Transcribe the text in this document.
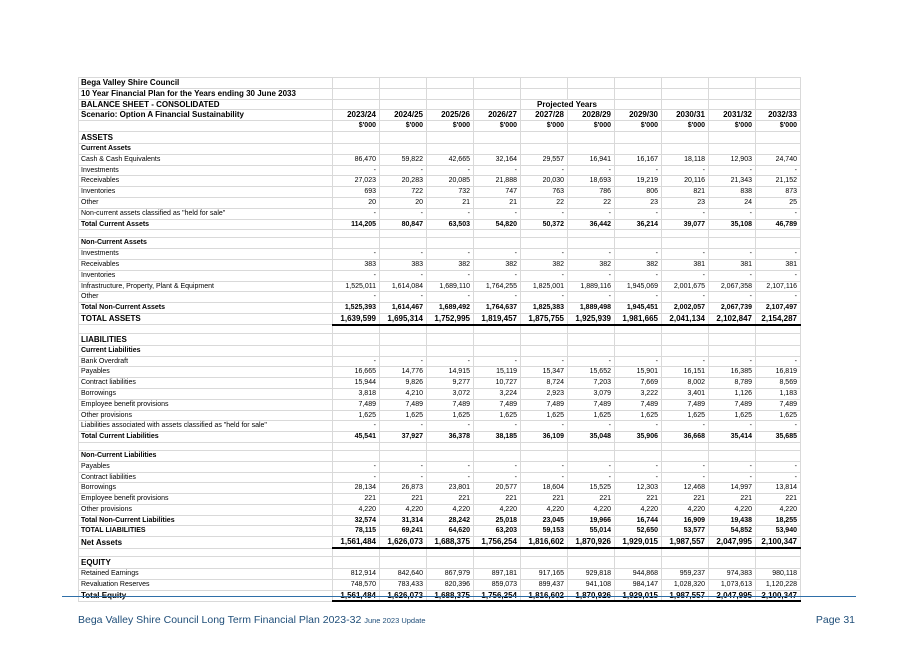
Bega Valley Shire Council										
10 Year Financial Plan for the Years ending 30 June 2033										
BALANCE SHEET - CONSOLIDATED					Projected Years					
Scenario: Option A Financial Sustainability	2023/24	2024/25	2025/26	2026/27	2027/28	2028/29	2029/30	2030/31	2031/32	2032/33
	$'000	$'000	$'000	$'000	$'000	$'000	$'000	$'000	$'000	$'000
ASSETS										
Current Assets										
Cash & Cash Equivalents	86,470	59,822	42,665	32,164	29,557	16,941	16,167	18,118	12,903	24,740
Investments	-	-	-	-	-	-	-	-	-	-
Receivables	27,023	20,283	20,085	21,888	20,030	18,693	19,219	20,116	21,343	21,152
Inventories	693	722	732	747	763	786	806	821	838	873
Other	20	20	21	21	22	22	23	23	24	25
Non-current assets classified as "held for sale"	-	-	-	-	-	-	-	-	-	-
Total Current Assets	114,205	80,847	63,503	54,820	50,372	36,442	36,214	39,077	35,108	46,789

Non-Current Assets										
Investments	-	-	-	-	-	-	-	-	-	-
Receivables	383	383	382	382	382	382	382	381	381	381
Inventories	-	-	-	-	-	-	-	-	-	-
Infrastructure, Property, Plant & Equipment	1,525,011	1,614,084	1,689,110	1,764,255	1,825,001	1,889,116	1,945,069	2,001,675	2,067,358	2,107,116
Other	-	-	-	-	-	-	-	-	-	-
Total Non-Current Assets	1,525,393	1,614,467	1,689,492	1,764,637	1,825,383	1,889,498	1,945,451	2,002,057	2,067,739	2,107,497
TOTAL ASSETS	1,639,599	1,695,314	1,752,995	1,819,457	1,875,755	1,925,939	1,981,665	2,041,134	2,102,847	2,154,287

LIABILITIES										
Current Liabilities										
Bank Overdraft	-	-	-	-	-	-	-	-	-	-
Payables	16,665	14,776	14,915	15,119	15,347	15,652	15,901	16,151	16,385	16,819
Contract liabilities	15,944	9,826	9,277	10,727	8,724	7,203	7,669	8,002	8,789	8,569
Borrowings	3,818	4,210	3,072	3,224	2,923	3,079	3,222	3,401	1,126	1,183
Employee benefit provisions	7,489	7,489	7,489	7,489	7,489	7,489	7,489	7,489	7,489	7,489
Other provisions	1,625	1,625	1,625	1,625	1,625	1,625	1,625	1,625	1,625	1,625
Liabilities associated with assets classified as "held for sale"	-	-	-	-	-	-	-	-	-	-
Total Current Liabilities	45,541	37,927	36,378	38,185	36,109	35,048	35,906	36,668	35,414	35,685

Non-Current Liabilities										
Payables	-	-	-	-	-	-	-	-	-	-
Contract liabilities	-	-	-	-	-	-	-	-	-	-
Borrowings	28,134	26,873	23,801	20,577	18,604	15,525	12,303	12,468	14,997	13,814
Employee benefit provisions	221	221	221	221	221	221	221	221	221	221
Other provisions	4,220	4,220	4,220	4,220	4,220	4,220	4,220	4,220	4,220	4,220
Total Non-Current Liabilities	32,574	31,314	28,242	25,018	23,045	19,966	16,744	16,909	19,438	18,255
TOTAL LIABILITIES	78,115	69,241	64,620	63,203	59,153	55,014	52,650	53,577	54,852	53,940
Net Assets	1,561,484	1,626,073	1,688,375	1,756,254	1,816,602	1,870,926	1,929,015	1,987,557	2,047,995	2,100,347

EQUITY										
Retained Earnings	812,914	842,640	867,979	897,181	917,165	929,818	944,868	959,237	974,383	980,118
Revaluation Reserves	748,570	783,433	820,396	859,073	899,437	941,108	984,147	1,028,320	1,073,613	1,120,228
Total Equity	1,561,484	1,626,073	1,688,375	1,756,254	1,816,602	1,870,926	1,929,015	1,987,557	2,047,995	2,100,347
Bega Valley Shire Council Long Term Financial Plan 2023-32 June 2023 Update	Page 31
